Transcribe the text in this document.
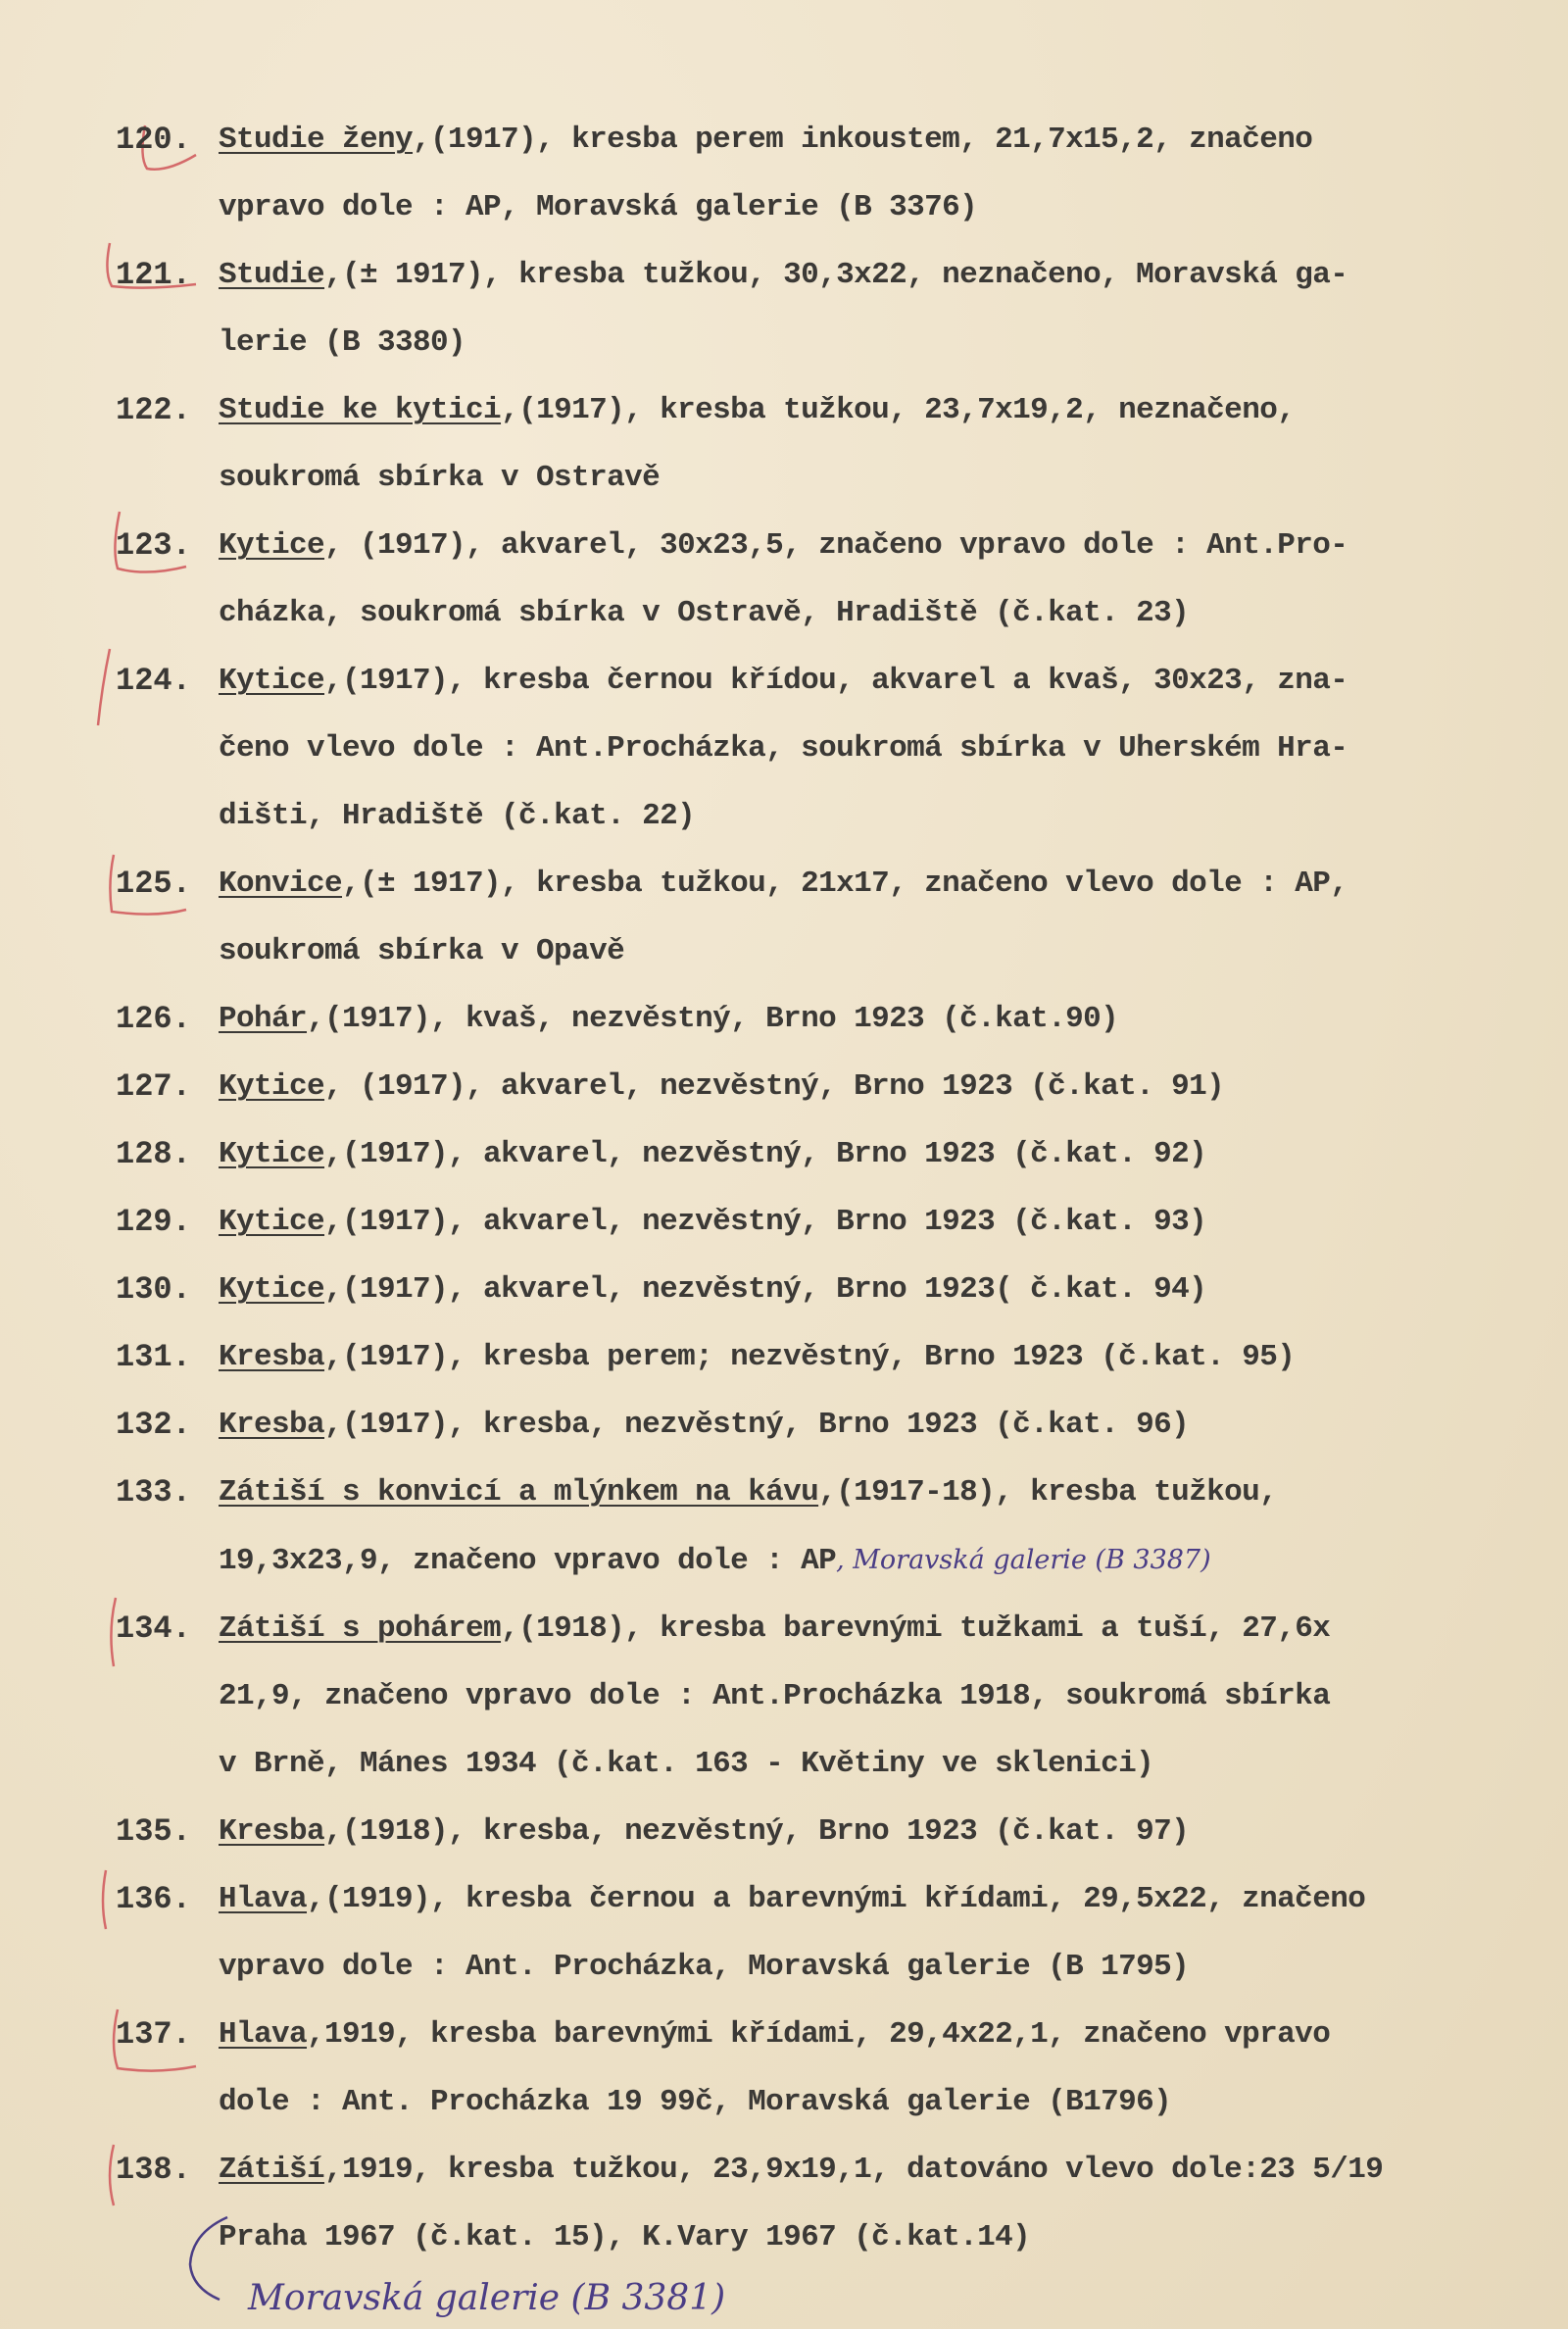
120. Studie ženy,(1917), kresba perem inkoustem, 21,7x15,2, značeno
vpravo dole : AP, Moravská galerie (B 3376)
121. Studie,(± 1917), kresba tužkou, 30,3x22, neznačeno, Moravská ga-
lerie (B 3380)
122. Studie ke kytici,(1917), kresba tužkou, 23,7x19,2, neznačeno,
soukromá sbírka v Ostravě
123. Kytice, (1917), akvarel, 30x23,5, značeno vpravo dole : Ant.Pro-
cházka, soukromá sbírka v Ostravě, Hradiště (č.kat. 23)
124. Kytice,(1917), kresba černou křídou, akvarel a kvaš, 30x23, zna-
čeno vlevo dole : Ant.Procházka, soukromá sbírka v Uherském Hra-
dišti, Hradiště (č.kat. 22)
125. Konvice,(± 1917), kresba tužkou, 21x17, značeno vlevo dole : AP,
soukromá sbírka v Opavě
126. Pohár,(1917), kvaš, nezvěstný, Brno 1923 (č.kat.90)
127. Kytice, (1917), akvarel, nezvěstný, Brno 1923 (č.kat. 91)
128. Kytice,(1917), akvarel, nezvěstný, Brno 1923 (č.kat. 92)
129. Kytice,(1917), akvarel, nezvěstný, Brno 1923 (č.kat. 93)
130. Kytice,(1917), akvarel, nezvěstný, Brno 1923( č.kat. 94)
131. Kresba,(1917), kresba perem; nezvěstný, Brno 1923 (č.kat. 95)
132. Kresba,(1917), kresba, nezvěstný, Brno 1923 (č.kat. 96)
133. Zátiší s konvicí a mlýnkem na kávu,(1917-18), kresba tužkou,
19,3x23,9, značeno vpravo dole : AP, Moravská galerie (B 3387)
134. Zátiší s pohárem,(1918), kresba barevnými tužkami a tuší, 27,6x
21,9, značeno vpravo dole : Ant.Procházka 1918, soukromá sbírka
v Brně, Mánes 1934 (č.kat. 163 - Květiny ve sklenici)
135. Kresba,(1918), kresba, nezvěstný, Brno 1923 (č.kat. 97)
136. Hlava,(1919), kresba černou a barevnými křídami, 29,5x22, značeno
vpravo dole : Ant. Procházka, Moravská galerie (B 1795)
137. Hlava,1919, kresba barevnými křídami, 29,4x22,1, značeno vpravo
dole : Ant. Procházka 19 99č, Moravská galerie (B1796)
138. Zátiší,1919, kresba tužkou, 23,9x19,1, datováno vlevo dole:23 5/19
Praha 1967 (č.kat. 15), K.Vary 1967 (č.kat.14)
Moravská galerie (B 3381)
